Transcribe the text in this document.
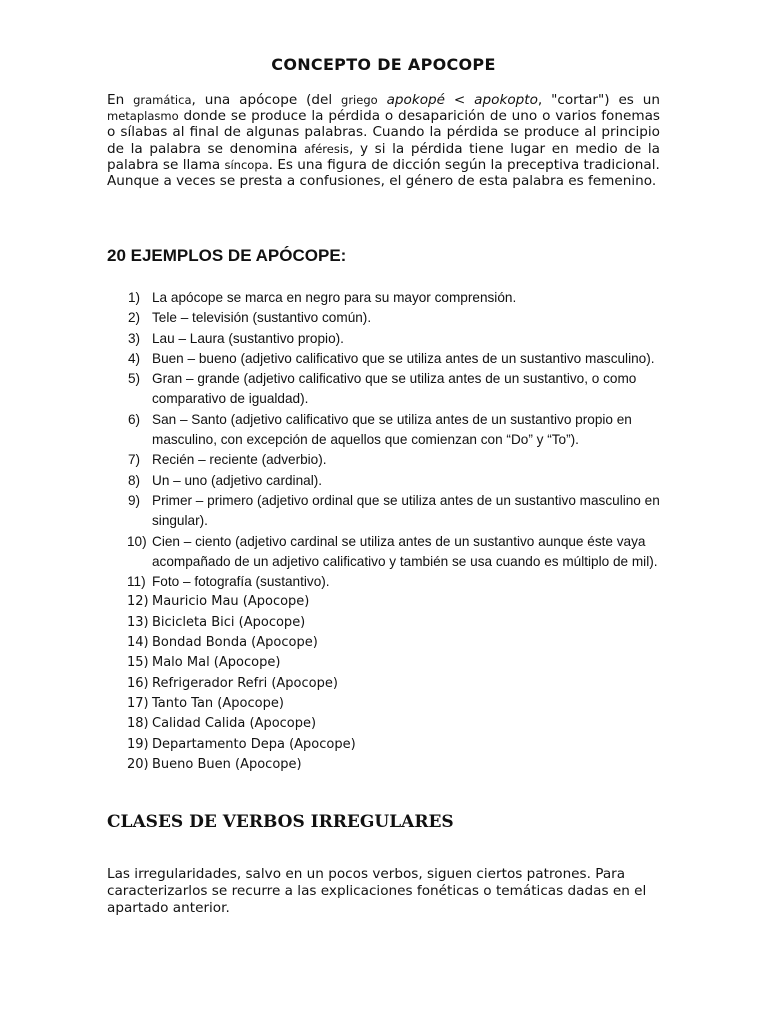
CONCEPTO DE APOCOPE

En gramática, una apócope (del griego apokopé < apokopto, "cortar") es un metaplasmo donde se produce la pérdida o desaparición de uno o varios fonemas o sílabas al final de algunas palabras. Cuando la pérdida se produce al principio de la palabra se denomina aféresis, y si la pérdida tiene lugar en medio de la palabra se llama síncopa. Es una figura de dicción según la preceptiva tradicional.

Aunque a veces se presta a confusiones, el género de esta palabra es femenino.

20 EJEMPLOS DE APÓCOPE:
1) La apócope se marca en negro para su mayor comprensión.
2) Tele – televisión (sustantivo común).
3) Lau – Laura (sustantivo propio).
4) Buen – bueno (adjetivo calificativo que se utiliza antes de un sustantivo masculino).
5) Gran – grande (adjetivo calificativo que se utiliza antes de un sustantivo, o como comparativo de igualdad).
6) San – Santo (adjetivo calificativo que se utiliza antes de un sustantivo propio en masculino, con excepción de aquellos que comienzan con “Do” y “To”).
7) Recién – reciente (adverbio).
8) Un – uno (adjetivo cardinal).
9) Primer – primero (adjetivo ordinal que se utiliza antes de un sustantivo masculino en singular).
10) Cien – ciento (adjetivo cardinal se utiliza antes de un sustantivo aunque éste vaya acompañado de un adjetivo calificativo y también se usa cuando es múltiplo de mil).
11) Foto – fotografía (sustantivo).
12) Mauricio Mau (Apocope)
13) Bicicleta Bici (Apocope)
14) Bondad Bonda (Apocope)
15) Malo Mal (Apocope)
16) Refrigerador Refri (Apocope)
17) Tanto Tan (Apocope)
18) Calidad Calida (Apocope)
19) Departamento Depa (Apocope)
20) Bueno Buen (Apocope)
CLASES DE VERBOS IRREGULARES

Las irregularidades, salvo en un pocos verbos, siguen ciertos patrones. Para caracterizarlos se recurre a las explicaciones fonéticas o temáticas dadas en el apartado anterior.
